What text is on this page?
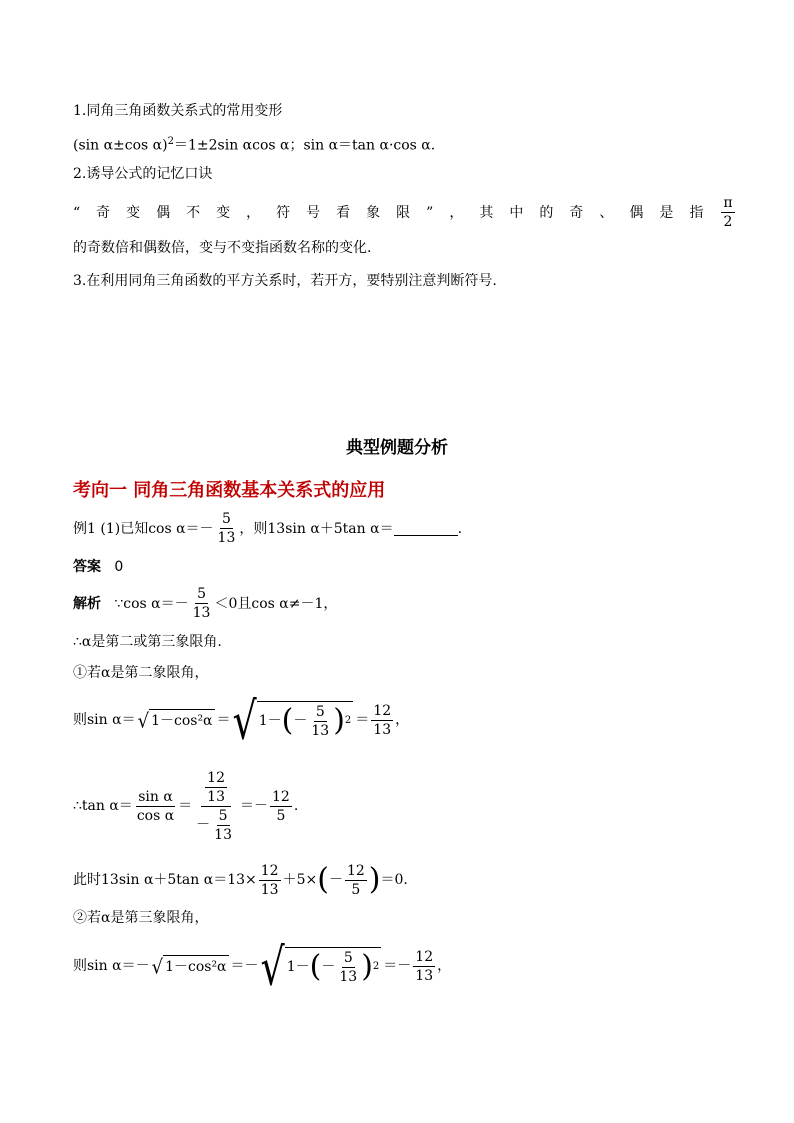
1.同角三角函数关系式的常用变形
(sin α±cos α)$^2$＝1±2sin αcos α；sin α＝tan α·cos α.
2.诱导公式的记忆口诀
“奇变偶不变，符号看象限”，其中的奇、偶是指 $\frac{\pi}{2}$
的奇数倍和偶数倍，变与不变指函数名称的变化.
3.在利用同角三角函数的平方关系时，若开方，要特别注意判断符号.
典型例题分析
考向一 同角三角函数基本关系式的应用
例1 (1)已知$\cos \alpha=- \frac{5}{13}$ ，则13sin α＋5tan α＝	.
答案 0
解析
∵cos $\alpha=- \frac{5}{13} <0$且cos α≠－1，
∴α是第二或第三象限角.
①若α是第二象限角，
则sin α＝ √ 1－cos²α ＝ √ 1－ ( － $\frac{5}{13}$ ) $2 = \frac{12}{13}$ ，
∴tan $\alpha= \frac{\text{sin α}}{\text{cos α}} = \frac{\frac{12}{13}}{- \frac{5}{13}} =- \frac{12}{5}$ .
此时13sin α＋5tan $\alpha=13\times \frac{12}{13} +5\times$ ( － $\frac{12}{5}$ ) ＝0.
②若α是第三象限角，
则sin α＝－ √ 1－cos²α ＝－ √ 1－ ( － $\frac{5}{13}$ ) $2 =- \frac{12}{13}$ ，
